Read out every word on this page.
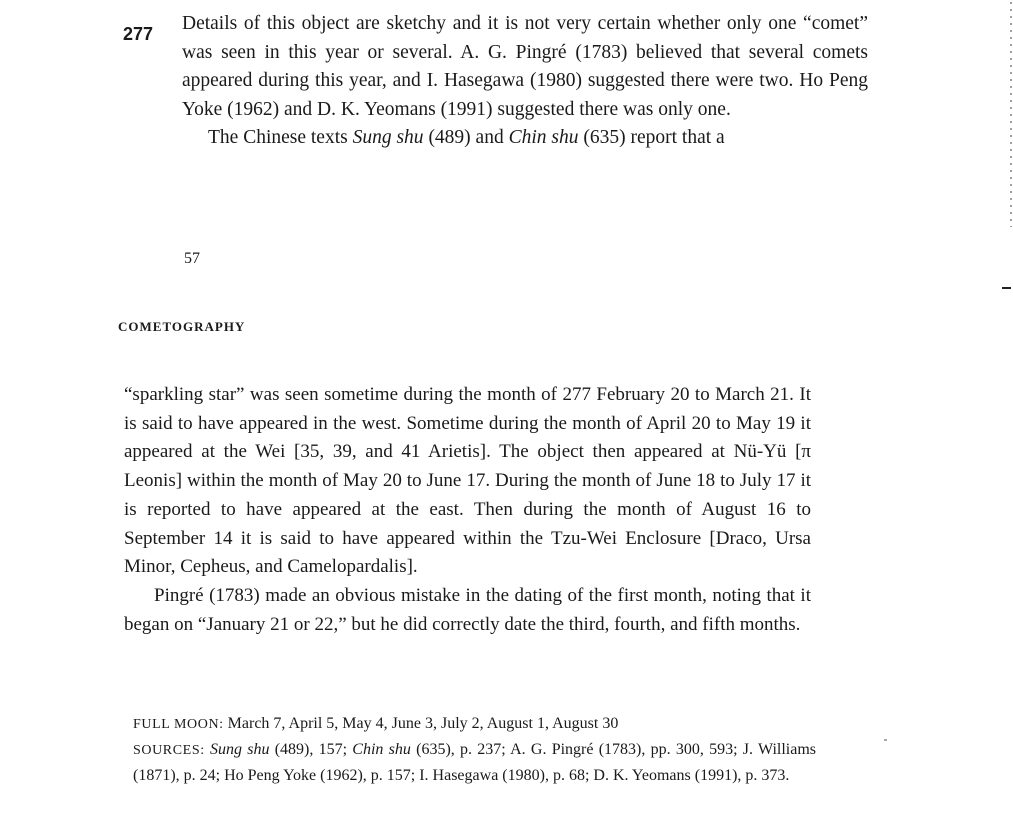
277 Details of this object are sketchy and it is not very certain whether only one “comet” was seen in this year or several. A. G. Pingré (1783) believed that several comets appeared during this year, and I. Hasegawa (1980) suggested there were two. Ho Peng Yoke (1962) and D. K. Yeomans (1991) suggested there was only one.

The Chinese texts Sung shu (489) and Chin shu (635) report that a

57
COMETOGRAPHY

“sparkling star” was seen sometime during the month of 277 February 20 to March 21. It is said to have appeared in the west. Sometime during the month of April 20 to May 19 it appeared at the Wei [35, 39, and 41 Arietis]. The object then appeared at Nü-Yü [π Leonis] within the month of May 20 to June 17. During the month of June 18 to July 17 it is reported to have appeared at the east. Then during the month of August 16 to September 14 it is said to have appeared within the Tzu-Wei Enclosure [Draco, Ursa Minor, Cepheus, and Camelopardalis].

Pingré (1783) made an obvious mistake in the dating of the first month, noting that it began on “January 21 or 22,” but he did correctly date the third, fourth, and fifth months.

FULL MOON: March 7, April 5, May 4, June 3, July 2, August 1, August 30

SOURCES: Sung shu (489), 157; Chin shu (635), p. 237; A. G. Pingré (1783), pp. 300, 593; J. Williams (1871), p. 24; Ho Peng Yoke (1962), p. 157; I. Hasegawa (1980), p. 68; D. K. Yeomans (1991), p. 373.
